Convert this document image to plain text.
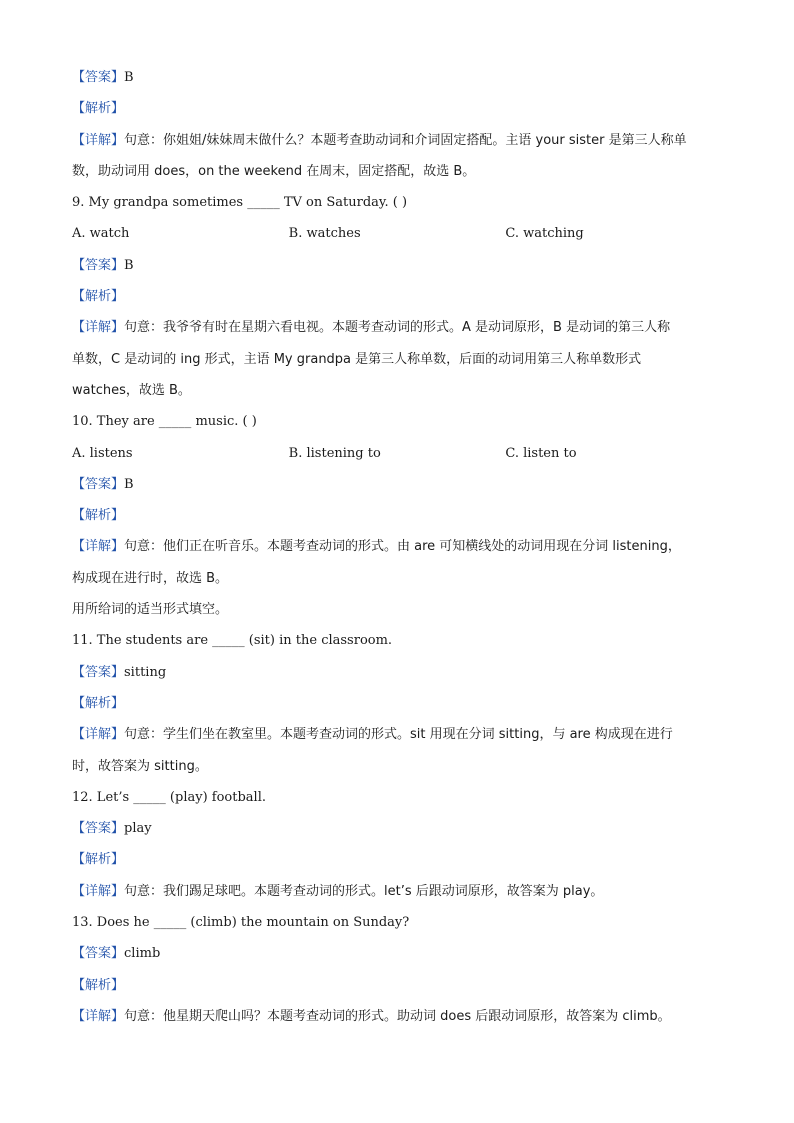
【答案】B
【解析】
【详解】句意：你姐姐/妹妹周末做什么？本题考查助动词和介词固定搭配。主语 your sister 是第三人称单
数，助动词用 does，on the weekend 在周末，固定搭配，故选 B。
9. My grandpa sometimes _____ TV on Saturday. ( )
A. watch	B. watches	C. watching
【答案】B
【解析】
【详解】句意：我爷爷有时在星期六看电视。本题考查动词的形式。A 是动词原形，B 是动词的第三人称
单数，C 是动词的 ing 形式，主语 My grandpa 是第三人称单数，后面的动词用第三人称单数形式
watches，故选 B。
10. They are _____ music. ( )
A. listens	B. listening to	C. listen to
【答案】B
【解析】
【详解】句意：他们正在听音乐。本题考查动词的形式。由 are 可知横线处的动词用现在分词 listening，
构成现在进行时，故选 B。
用所给词的适当形式填空。
11. The students are _____ (sit) in the classroom.
【答案】sitting
【解析】
【详解】句意：学生们坐在教室里。本题考查动词的形式。sit 用现在分词 sitting，与 are 构成现在进行
时，故答案为 sitting。
12. Let’s _____ (play) football.
【答案】play
【解析】
【详解】句意：我们踢足球吧。本题考查动词的形式。let’s 后跟动词原形，故答案为 play。
13. Does he _____ (climb) the mountain on Sunday?
【答案】climb
【解析】
【详解】句意：他星期天爬山吗？本题考查动词的形式。助动词 does 后跟动词原形，故答案为 climb。
